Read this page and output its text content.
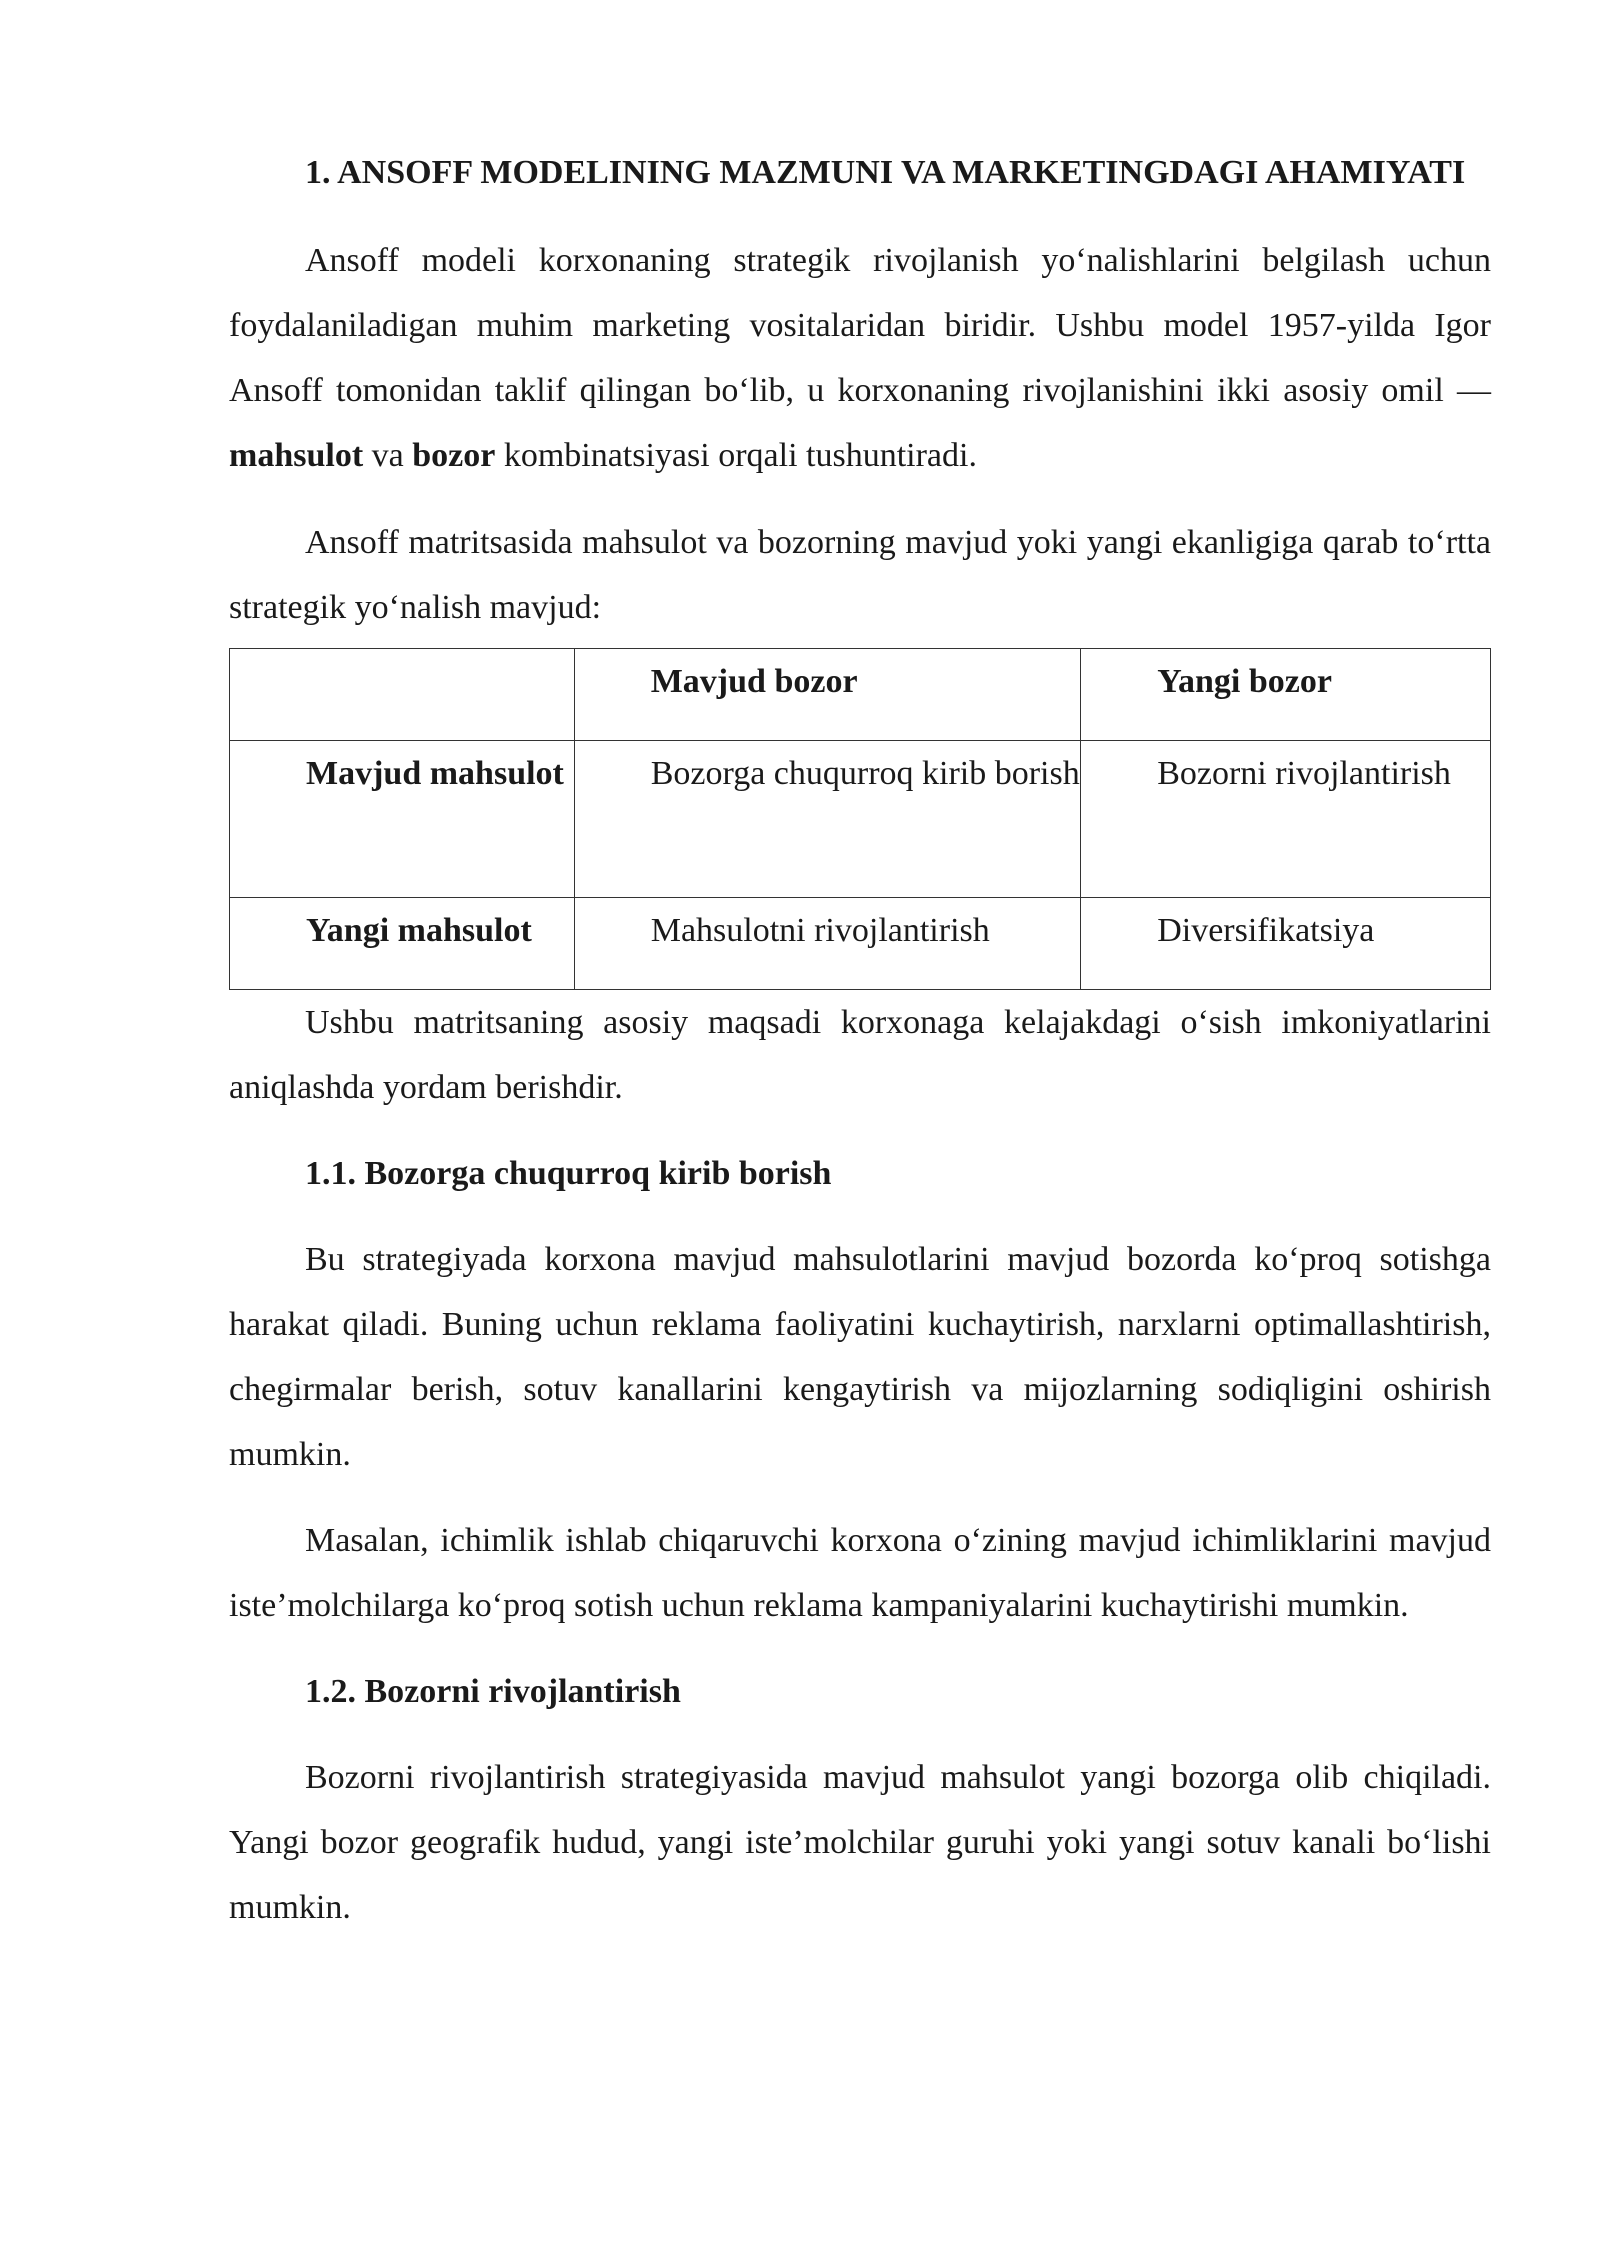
1. ANSOFF MODELINING MAZMUNI VA MARKETINGDAGI AHAMIYATI

Ansoff modeli korxonaning strategik rivojlanish yo‘nalishlarini belgilash uchun foydalaniladigan muhim marketing vositalaridan biridir. Ushbu model 1957-yilda Igor Ansoff tomonidan taklif qilingan bo‘lib, u korxonaning rivojlanishini ikki asosiy omil — mahsulot va bozor kombinatsiyasi orqali tushuntiradi.

Ansoff matritsasida mahsulot va bozorning mavjud yoki yangi ekanligiga qarab to‘rtta strategik yo‘nalish mavjud:

	Mavjud bozor	Yangi bozor

Mavjud mahsulot	Bozorga chuqurroq kirib borish	Bozorni rivojlantirish

Yangi mahsulot	Mahsulotni rivojlantirish	Diversifikatsiya

Ushbu matritsaning asosiy maqsadi korxonaga kelajakdagi o‘sish imkoniyatlarini aniqlashda yordam berishdir.

1.1. Bozorga chuqurroq kirib borish

Bu strategiyada korxona mavjud mahsulotlarini mavjud bozorda ko‘proq sotishga harakat qiladi. Buning uchun reklama faoliyatini kuchaytirish, narxlarni optimallashtirish, chegirmalar berish, sotuv kanallarini kengaytirish va mijozlarning sodiqligini oshirish mumkin.

Masalan, ichimlik ishlab chiqaruvchi korxona o‘zining mavjud ichimliklarini mavjud iste’molchilarga ko‘proq sotish uchun reklama kampaniyalarini kuchaytirishi mumkin.

1.2. Bozorni rivojlantirish

Bozorni rivojlantirish strategiyasida mavjud mahsulot yangi bozorga olib chiqiladi. Yangi bozor geografik hudud, yangi iste’molchilar guruhi yoki yangi sotuv kanali bo‘lishi mumkin.
